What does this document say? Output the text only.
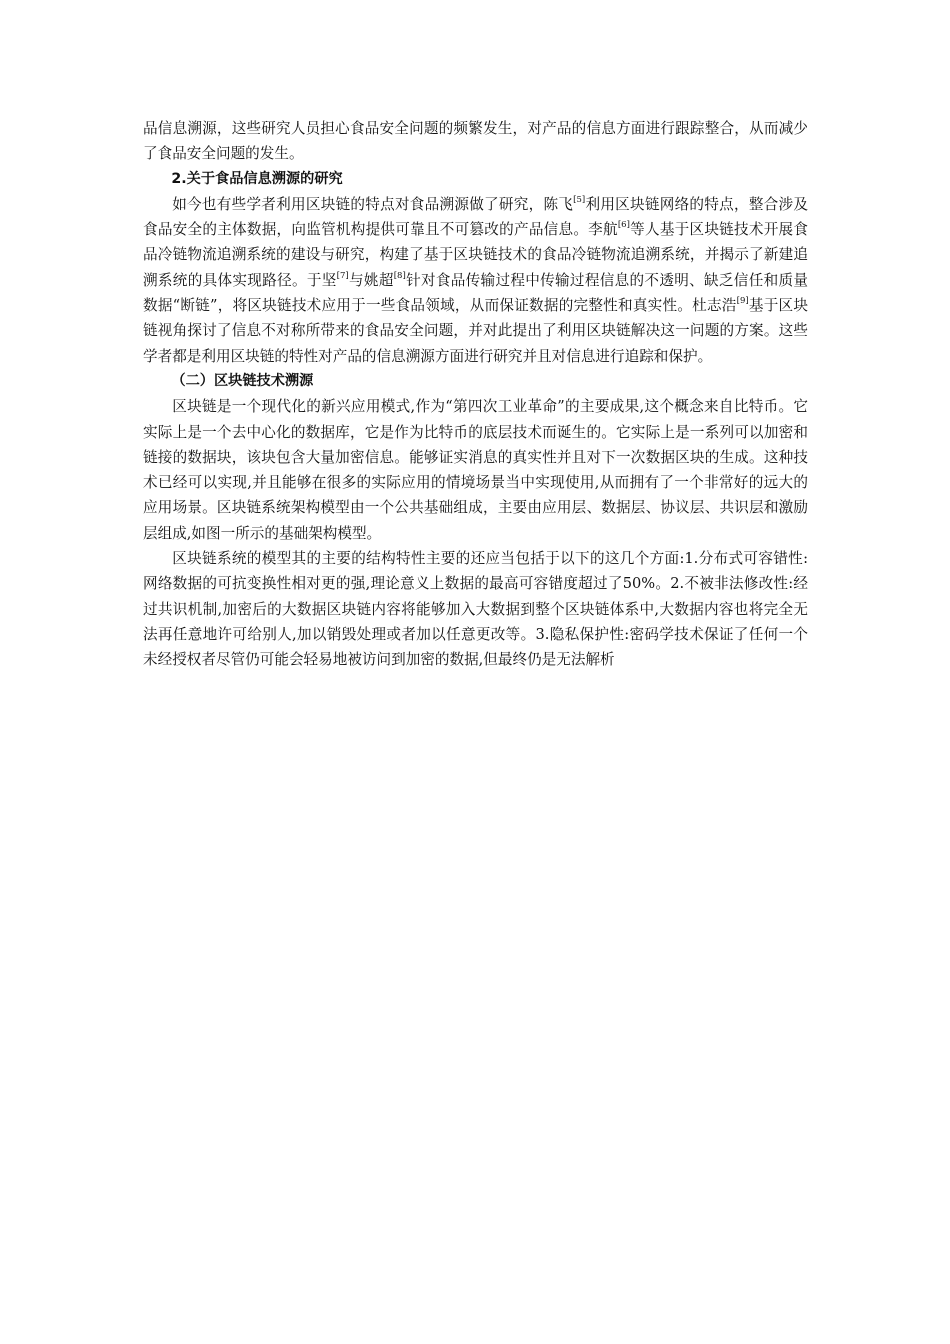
品信息溯源，这些研究人员担心食品安全问题的频繁发生，对产品的信息方面进行跟踪整合，从而减少了食品安全问题的发生。

2.关于食品信息溯源的研究

如今也有些学者利用区块链的特点对食品溯源做了研究，陈飞[5]利用区块链网络的特点，整合涉及食品安全的主体数据，向监管机构提供可靠且不可篡改的产品信息。李航[6]等人基于区块链技术开展食品冷链物流追溯系统的建设与研究，构建了基于区块链技术的食品冷链物流追溯系统，并揭示了新建追溯系统的具体实现路径。于坚[7]与姚超[8]针对食品传输过程中传输过程信息的不透明、缺乏信任和质量数据“断链”，将区块链技术应用于一些食品领域，从而保证数据的完整性和真实性。杜志浩[9]基于区块链视角探讨了信息不对称所带来的食品安全问题，并对此提出了利用区块链解决这一问题的方案。这些学者都是利用区块链的特性对产品的信息溯源方面进行研究并且对信息进行追踪和保护。

（二）区块链技术溯源

区块链是一个现代化的新兴应用模式,作为“第四次工业革命”的主要成果,这个概念来自比特币。它实际上是一个去中心化的数据库，它是作为比特币的底层技术而诞生的。它实际上是一系列可以加密和链接的数据块，该块包含大量加密信息。能够证实消息的真实性并且对下一次数据区块的生成。这种技术已经可以实现,并且能够在很多的实际应用的情境场景当中实现使用,从而拥有了一个非常好的远大的应用场景。区块链系统架构模型由一个公共基础组成，主要由应用层、数据层、协议层、共识层和激励层组成,如图一所示的基础架构模型。

区块链系统的模型其的主要的结构特性主要的还应当包括于以下的这几个方面:1.分布式可容错性:网络数据的可抗变换性相对更的强,理论意义上数据的最高可容错度超过了50%。2.不被非法修改性:经过共识机制,加密后的大数据区块链内容将能够加入大数据到整个区块链体系中,大数据内容也将完全无法再任意地许可给别人,加以销毁处理或者加以任意更改等。3.隐私保护性:密码学技术保证了任何一个未经授权者尽管仍可能会轻易地被访问到加密的数据,但最终仍是无法解析
